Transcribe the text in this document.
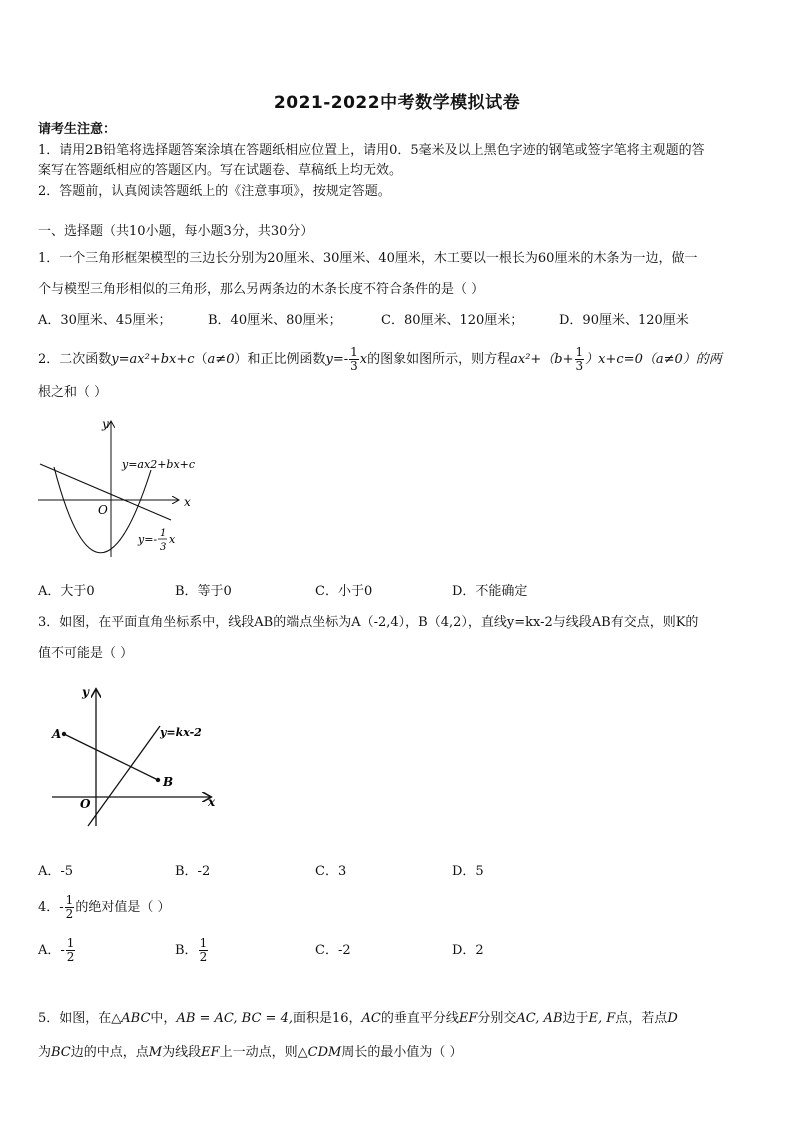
2021-2022中考数学模拟试卷
请考生注意：
1．请用2B铅笔将选择题答案涂填在答题纸相应位置上，请用0．5毫米及以上黑色字迹的钢笔或签字笔将主观题的答
案写在答题纸相应的答题区内。写在试题卷、草稿纸上均无效。
2．答题前，认真阅读答题纸上的《注意事项》，按规定答题。
一、选择题（共10小题，每小题3分，共30分）
1．一个三角形框架模型的三边长分别为20厘米、30厘米、40厘米，木工要以一根长为60厘米的木条为一边，做一
个与模型三角形相似的三角形，那么另两条边的木条长度不符合条件的是（ ）
A．30厘米、45厘米；	B．40厘米、80厘米；	C．80厘米、120厘米；	D．90厘米、120厘米
2．二次函数y=ax²+bx+c（a≠0）和正比例函数$y=- \frac{1}{3}$ x的图象如图所示，则方程$ax^2+(b+ \frac{1}{3} )x+c=0(a\ne 0)$的两
根之和（ ）
y
x
O
y=ax2+bx+c
y=- 1
3
x
A．大于0	B．等于0	C．小于0	D．不能确定
3．如图，在平面直角坐标系中，线段AB的端点坐标为A（-2,4），B（4,2），直线y=kx-2与线段AB有交点，则K的
值不可能是（ ）
y
x
O
A
B
y=kx-2
A．-5	B．-2	C．3	D．5
4．- $\frac{1}{2}$ 的绝对值是（ ）
A．- $\frac{1}{2}$	B． $\frac{1}{2}$	C．-2	D．2
5．如图，在△ABC中，AB = AC, BC = 4,面积是16，AC的垂直平分线EF分别交AC, AB边于E, F点，若点D
为BC边的中点，点M为线段EF上一动点，则△CDM周长的最小值为（ ）
